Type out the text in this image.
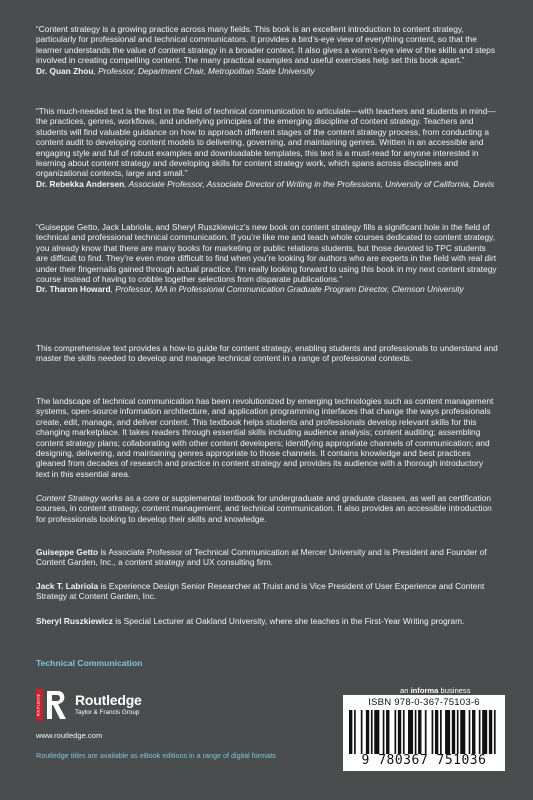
“Content strategy is a growing practice across many fields. This book is an excellent introduction to content strategy, particularly for professional and technical communicators. It provides a bird’s-eye view of everything content, so that the learner understands the value of content strategy in a broader context. It also gives a worm’s-eye view of the skills and steps involved in creating compelling content. The many practical examples and useful exercises help set this book apart.”

Dr. Quan Zhou, Professor, Department Chair, Metropolitan State University

“This much-needed text is the first in the field of technical communication to articulate—with teachers and students in mind—the practices, genres, workflows, and underlying principles of the emerging discipline of content strategy. Teachers and students will find valuable guidance on how to approach different stages of the content strategy process, from conducting a content audit to developing content models to delivering, governing, and maintaining genres. Written in an accessible and engaging style and full of robust examples and downloadable templates, this text is a must-read for anyone interested in learning about content strategy and developing skills for content strategy work, which spans across disciplines and organizational contexts, large and small.”

Dr. Rebekka Andersen, Associate Professor, Associate Director of Writing in the Professions, University of California, Davis

“Guiseppe Getto, Jack Labriola, and Sheryl Ruszkiewicz’s new book on content strategy fills a significant hole in the field of technical and professional technical communication. If you’re like me and teach whole courses dedicated to content strategy, you already know that there are many books for marketing or public relations students, but those devoted to TPC students are difficult to find. They’re even more difficult to find when you’re looking for authors who are experts in the field with real dirt under their fingernails gained through actual practice. I’m really looking forward to using this book in my next content strategy course instead of having to cobble together selections from disparate publications.”

Dr. Tharon Howard, Professor, MA in Professional Communication Graduate Program Director, Clemson University

This comprehensive text provides a how-to guide for content strategy, enabling students and professionals to understand and master the skills needed to develop and manage technical content in a range of professional contexts.

The landscape of technical communication has been revolutionized by emerging technologies such as content management systems, open-source information architecture, and application programming interfaces that change the ways professionals create, edit, manage, and deliver content. This textbook helps students and professionals develop relevant skills for this changing marketplace. It takes readers through essential skills including audience analysis; content auditing; assembling content strategy plans; collaborating with other content developers; identifying appropriate channels of communication; and designing, delivering, and maintaining genres appropriate to those channels. It contains knowledge and best practices gleaned from decades of research and practice in content strategy and provides its audience with a thorough introductory text in this essential area.

Content Strategy works as a core or supplemental textbook for undergraduate and graduate classes, as well as certification courses, in content strategy, content management, and technical communication. It also provides an accessible introduction for professionals looking to develop their skills and knowledge.

Guiseppe Getto is Associate Professor of Technical Communication at Mercer University and is President and Founder of Content Garden, Inc., a content strategy and UX consulting firm.

Jack T. Labriola is Experience Design Senior Researcher at Truist and is Vice President of User Experience and Content Strategy at Content Garden, Inc.

Sheryl Ruszkiewicz is Special Lecturer at Oakland University, where she teaches in the First-Year Writing program.

Technical Communication
ROUTLEDGE Routledge
Taylor & Francis Group
www.routledge.com
Routledge titles are available as eBook editions in a range of digital formats
an informa business
ISBN 978-0-367-75103-6
9 780367 751036
